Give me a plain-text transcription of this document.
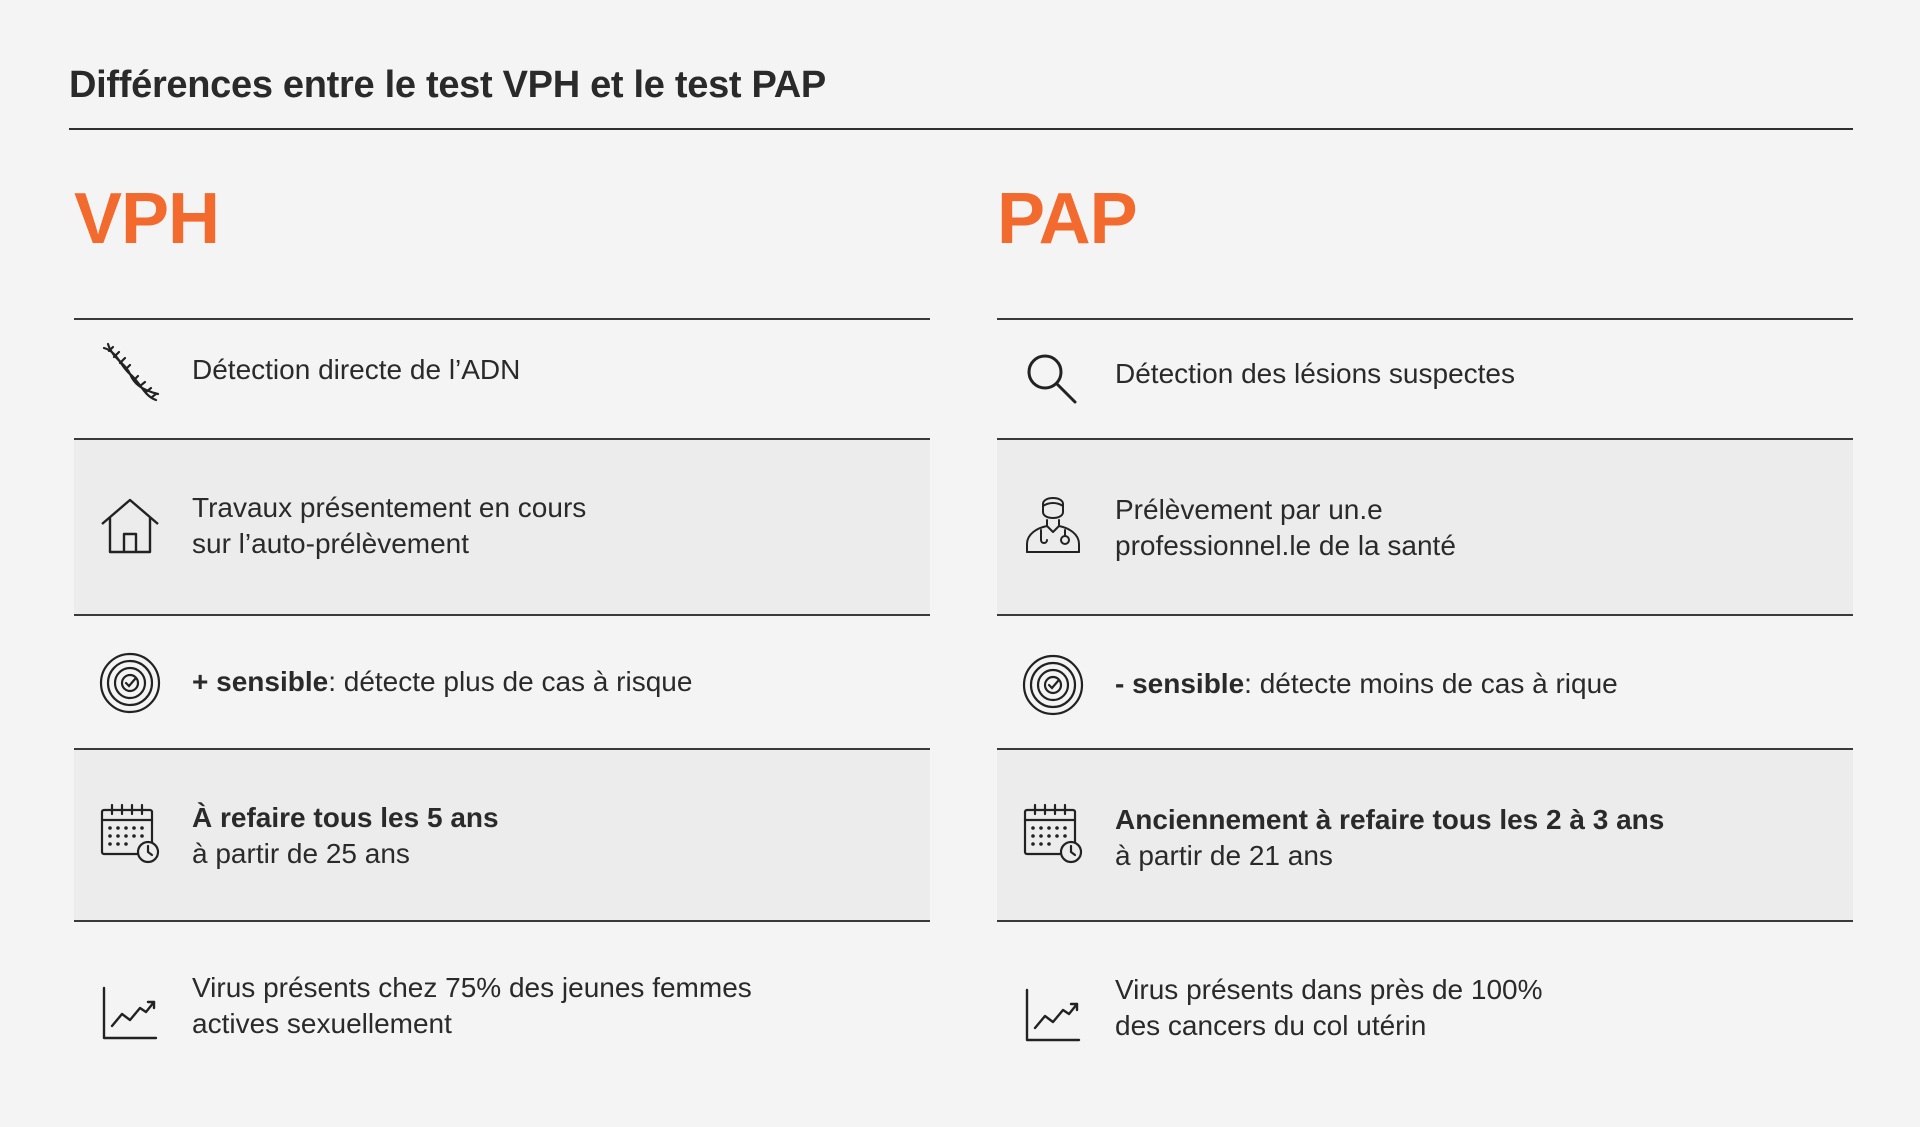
Différences entre le test VPH et le test PAP
VPH
Détection directe de l’ADN
Travaux présentement en cours
sur l’auto-prélèvement
+ sensible: détecte plus de cas à risque
À refaire tous les 5 ans
à partir de 25 ans
Virus présents chez 75% des jeunes femmes
actives sexuellement
PAP
Détection des lésions suspectes
Prélèvement par un.e
professionnel.le de la santé
- sensible: détecte moins de cas à rique
Anciennement à refaire tous les 2 à 3 ans
à partir de 21 ans
Virus présents dans près de 100%
des cancers du col utérin
